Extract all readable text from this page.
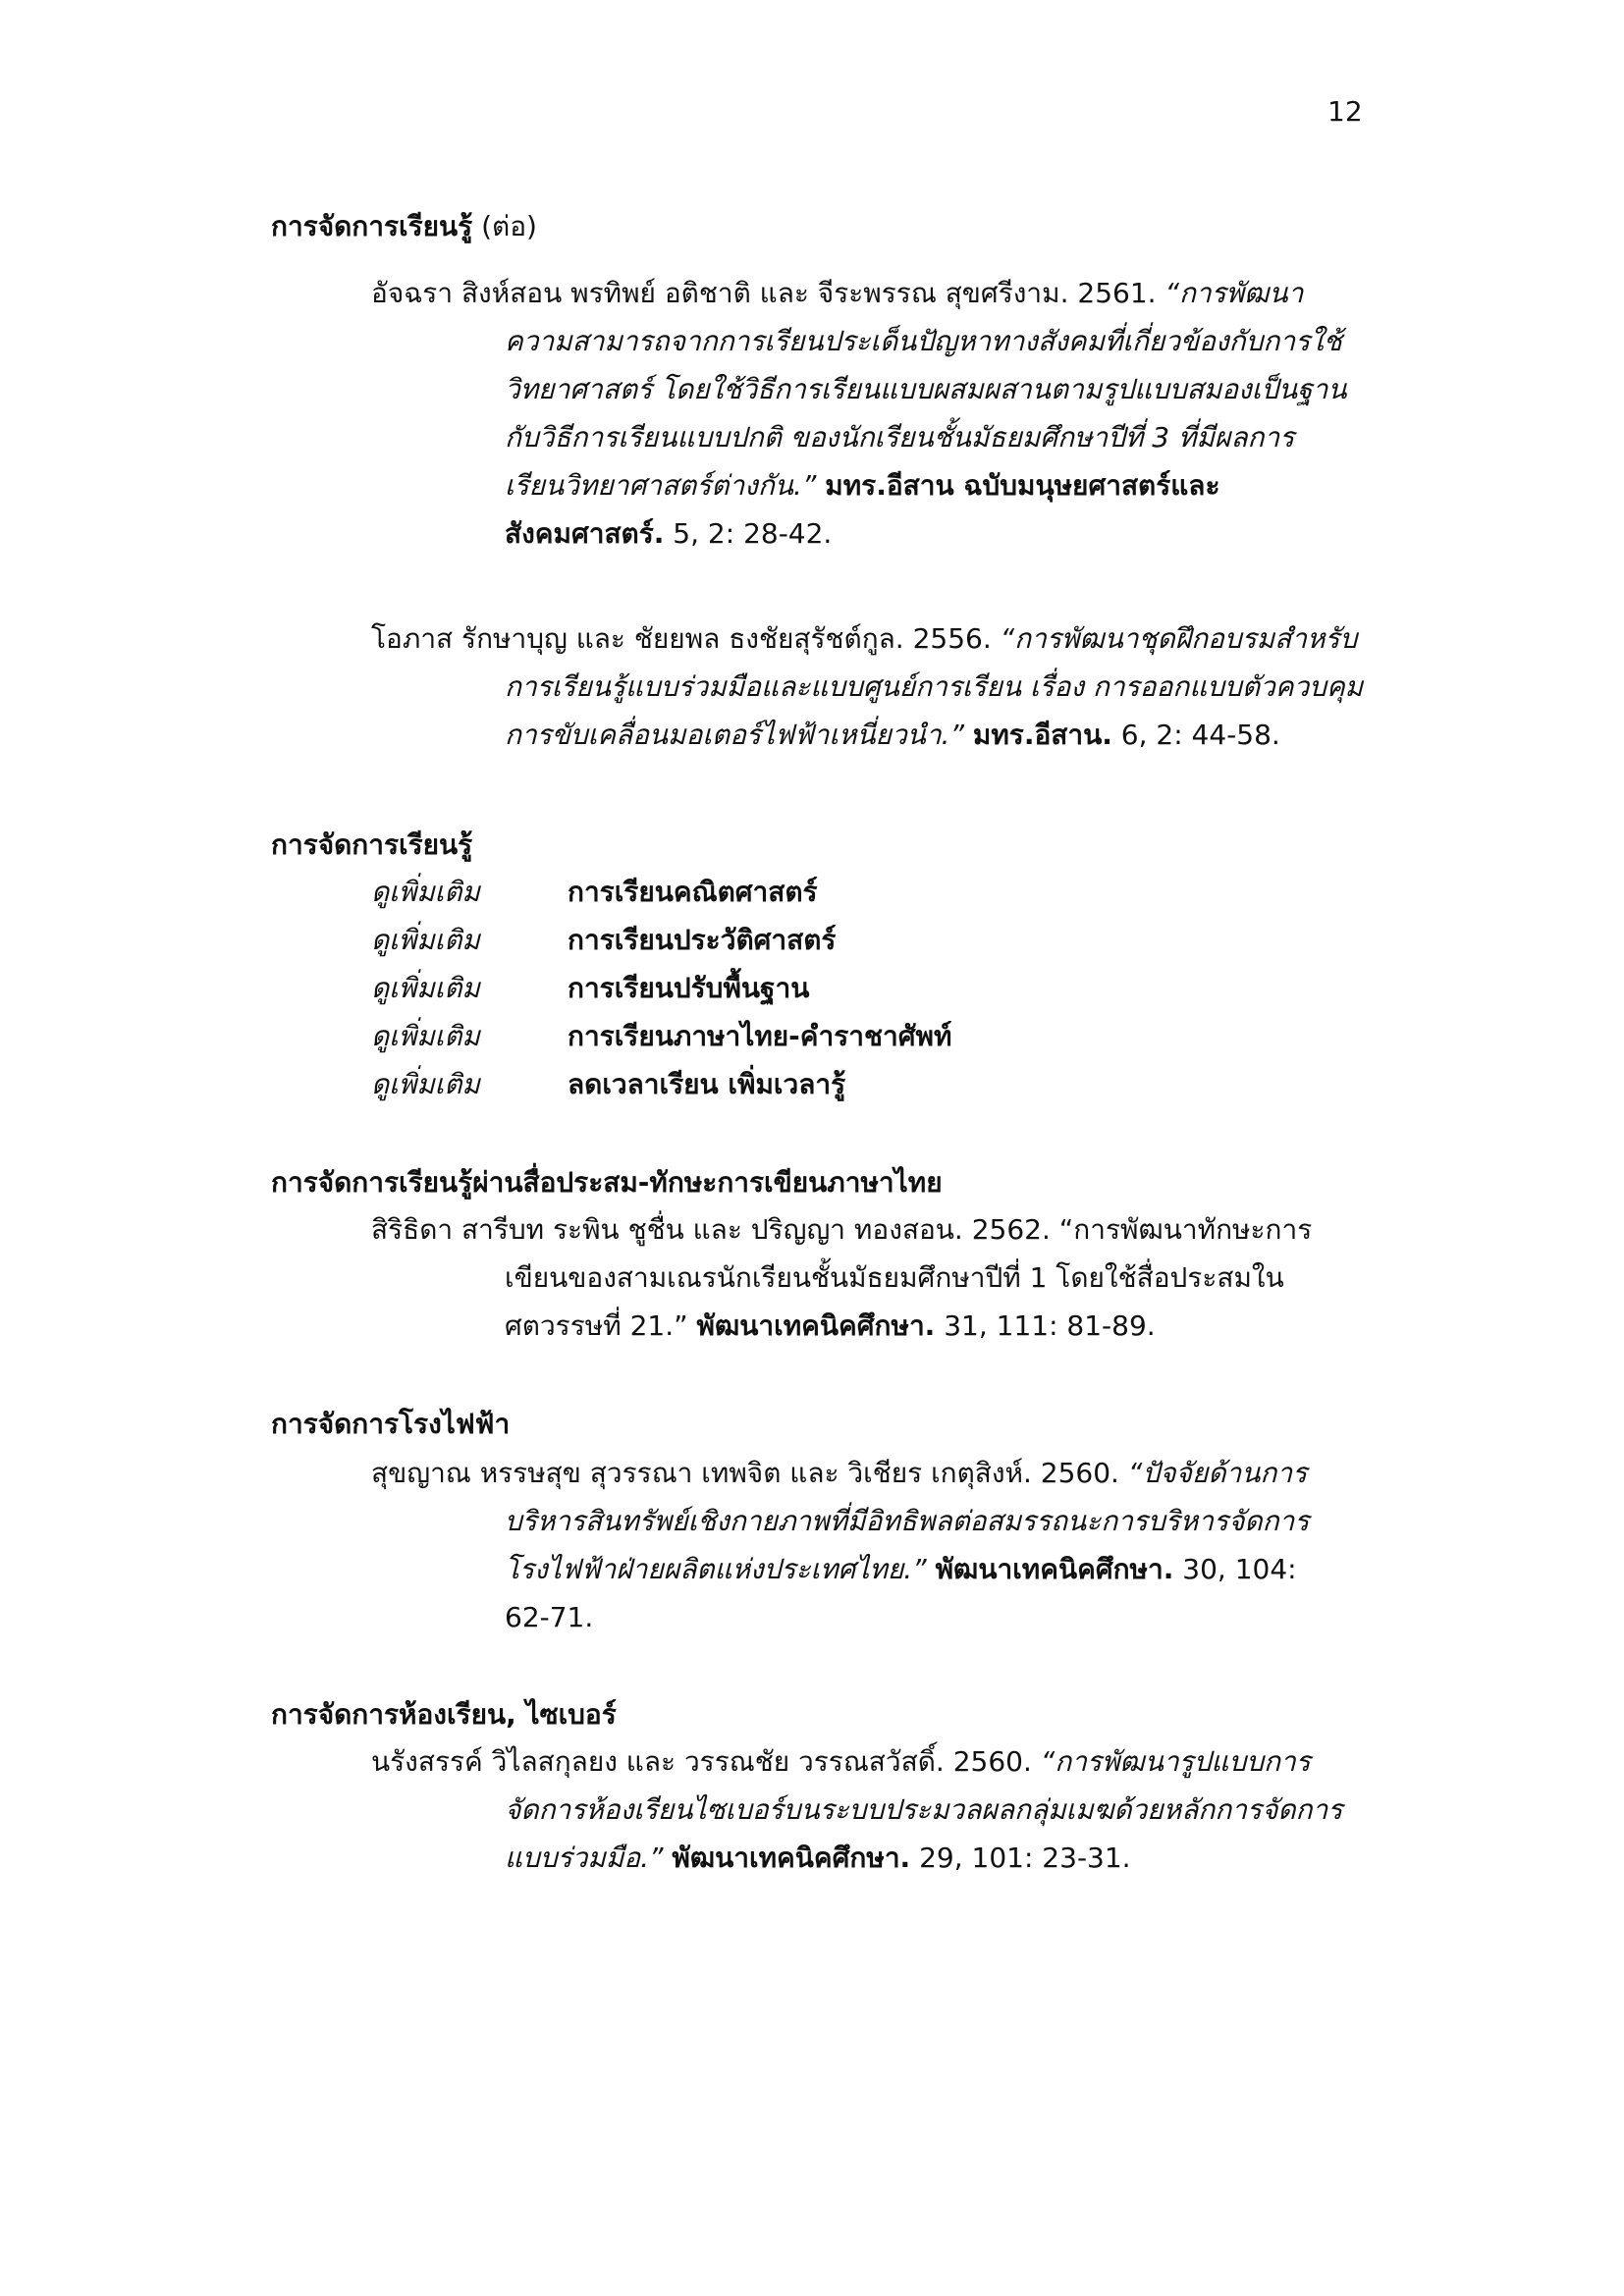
12
การจัดการเรียนรู้ (ต่อ)
อัจฉรา สิงห์สอน พรทิพย์ อติชาติ และ จีระพรรณ สุขศรีงาม. 2561. “การพัฒนา
ความสามารถจากการเรียนประเด็นปัญหาทางสังคมที่เกี่ยวข้องกับการใช้
วิทยาศาสตร์ โดยใช้วิธีการเรียนแบบผสมผสานตามรูปแบบสมองเป็นฐาน
กับวิธีการเรียนแบบปกติ ของนักเรียนชั้นมัธยมศึกษาปีที่ 3 ที่มีผลการ
เรียนวิทยาศาสตร์ต่างกัน.” มทร.อีสาน ฉบับมนุษยศาสตร์และ
สังคมศาสตร์. 5, 2: 28-42.
โอภาส รักษาบุญ และ ชัยยพล ธงชัยสุรัชต์กูล. 2556. “การพัฒนาชุดฝึกอบรมสำหรับ
การเรียนรู้แบบร่วมมือและแบบศูนย์การเรียน เรื่อง การออกแบบตัวควบคุม
การขับเคลื่อนมอเตอร์ไฟฟ้าเหนี่ยวนำ.” มทร.อีสาน. 6, 2: 44-58.
การจัดการเรียนรู้
ดูเพิ่มเติม	การเรียนคณิตศาสตร์
ดูเพิ่มเติม	การเรียนประวัติศาสตร์
ดูเพิ่มเติม	การเรียนปรับพื้นฐาน
ดูเพิ่มเติม	การเรียนภาษาไทย-คำราชาศัพท์
ดูเพิ่มเติม	ลดเวลาเรียน เพิ่มเวลารู้
การจัดการเรียนรู้ผ่านสื่อประสม-ทักษะการเขียนภาษาไทย
สิริธิดา สารีบท ระพิน ชูชื่น และ ปริญญา ทองสอน. 2562. “การพัฒนาทักษะการ
เขียนของสามเณรนักเรียนชั้นมัธยมศึกษาปีที่ 1 โดยใช้สื่อประสมใน
ศตวรรษที่ 21.” พัฒนาเทคนิคศึกษา. 31, 111: 81-89.
การจัดการโรงไฟฟ้า
สุขญาณ หรรษสุข สุวรรณา เทพจิต และ วิเชียร เกตุสิงห์. 2560. “ปัจจัยด้านการ
บริหารสินทรัพย์เชิงกายภาพที่มีอิทธิพลต่อสมรรถนะการบริหารจัดการ
โรงไฟฟ้าฝ่ายผลิตแห่งประเทศไทย.” พัฒนาเทคนิคศึกษา. 30, 104:
62-71.
การจัดการห้องเรียน, ไซเบอร์
นรังสรรค์ วิไลสกุลยง และ วรรณชัย วรรณสวัสดิ์. 2560. “การพัฒนารูปแบบการ
จัดการห้องเรียนไซเบอร์บนระบบประมวลผลกลุ่มเมฆด้วยหลักการจัดการ
แบบร่วมมือ.” พัฒนาเทคนิคศึกษา. 29, 101: 23-31.
